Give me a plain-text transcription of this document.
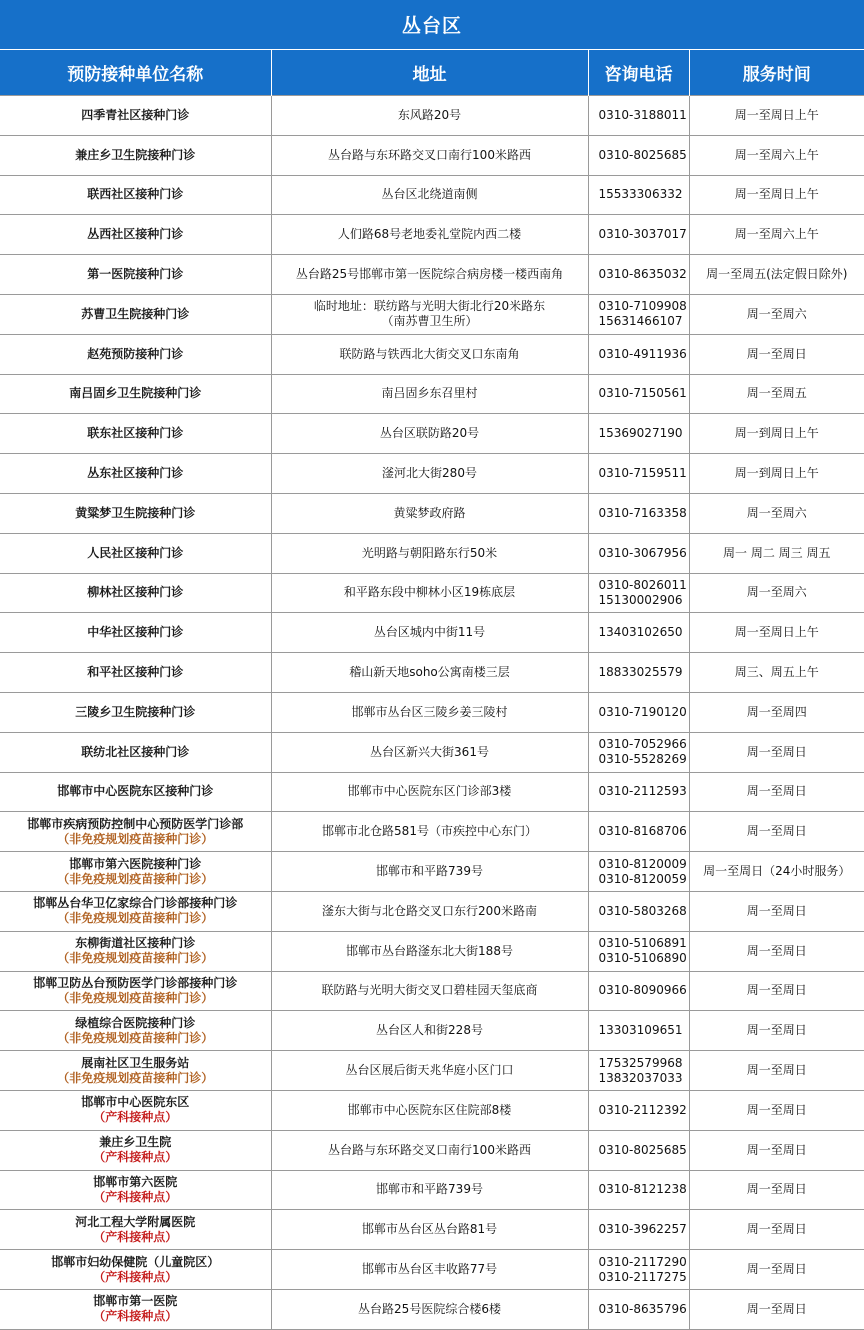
丛台区
预防接种单位名称	地址	咨询电话	服务时间

四季青社区接种门诊	东风路20号	0310-3188011	周一至周日上午

兼庄乡卫生院接种门诊	丛台路与东环路交叉口南行100米路西	0310-8025685	周一至周六上午

联西社区接种门诊	丛台区北绕道南侧	15533306332	周一至周日上午

丛西社区接种门诊	人们路68号老地委礼堂院内西二楼	0310-3037017	周一至周六上午

第一医院接种门诊	丛台路25号邯郸市第一医院综合病房楼一楼西南角	0310-8635032	周一至周五(法定假日除外)

苏曹卫生院接种门诊	临时地址：联纺路与光明大街北行20米路东
（南苏曹卫生所）	0310-7109908
15631466107	周一至周六

赵苑预防接种门诊	联防路与铁西北大街交叉口东南角	0310-4911936	周一至周日

南吕固乡卫生院接种门诊	南吕固乡东召里村	0310-7150561	周一至周五

联东社区接种门诊	丛台区联防路20号	15369027190	周一到周日上午

丛东社区接种门诊	滏河北大街280号	0310-7159511	周一到周日上午

黄粱梦卫生院接种门诊	黄粱梦政府路	0310-7163358	周一至周六

人民社区接种门诊	光明路与朝阳路东行50米	0310-3067956	周一 周二 周三 周五

柳林社区接种门诊	和平路东段中柳林小区19栋底层	0310-8026011
15130002906	周一至周六

中华社区接种门诊	丛台区城内中街11号	13403102650	周一至周日上午

和平社区接种门诊	稽山新天地soho公寓南楼三层	18833025579	周三、周五上午

三陵乡卫生院接种门诊	邯郸市丛台区三陵乡姜三陵村	0310-7190120	周一至周四

联纺北社区接种门诊	丛台区新兴大街361号	0310-7052966
0310-5528269	周一至周日

邯郸市中心医院东区接种门诊	邯郸市中心医院东区门诊部3楼	0310-2112593	周一至周日

邯郸市疾病预防控制中心预防医学门诊部
（非免疫规划疫苗接种门诊）	邯郸市北仓路581号（市疾控中心东门）	0310-8168706	周一至周日

邯郸市第六医院接种门诊
（非免疫规划疫苗接种门诊）	邯郸市和平路739号	0310-8120009
0310-8120059	周一至周日（24小时服务）

邯郸丛台华卫亿家综合门诊部接种门诊
（非免疫规划疫苗接种门诊）	滏东大街与北仓路交叉口东行200米路南	0310-5803268	周一至周日

东柳街道社区接种门诊
（非免疫规划疫苗接种门诊）	邯郸市丛台路滏东北大街188号	0310-5106891
0310-5106890	周一至周日

邯郸卫防丛台预防医学门诊部接种门诊
（非免疫规划疫苗接种门诊）	联防路与光明大街交叉口碧桂园天玺底商	0310-8090966	周一至周日

绿植综合医院接种门诊
（非免疫规划疫苗接种门诊）	丛台区人和街228号	13303109651	周一至周日

展南社区卫生服务站
（非免疫规划疫苗接种门诊）	丛台区展后街天兆华庭小区门口	17532579968
13832037033	周一至周日

邯郸市中心医院东区
（产科接种点）	邯郸市中心医院东区住院部8楼	0310-2112392	周一至周日

兼庄乡卫生院
（产科接种点）	丛台路与东环路交叉口南行100米路西	0310-8025685	周一至周日

邯郸市第六医院
（产科接种点）	邯郸市和平路739号	0310-8121238	周一至周日

河北工程大学附属医院
（产科接种点）	邯郸市丛台区丛台路81号	0310-3962257	周一至周日

邯郸市妇幼保健院（儿童院区）
（产科接种点）	邯郸市丛台区丰收路77号	0310-2117290
0310-2117275	周一至周日

邯郸市第一医院
（产科接种点）	丛台路25号医院综合楼6楼	0310-8635796	周一至周日
